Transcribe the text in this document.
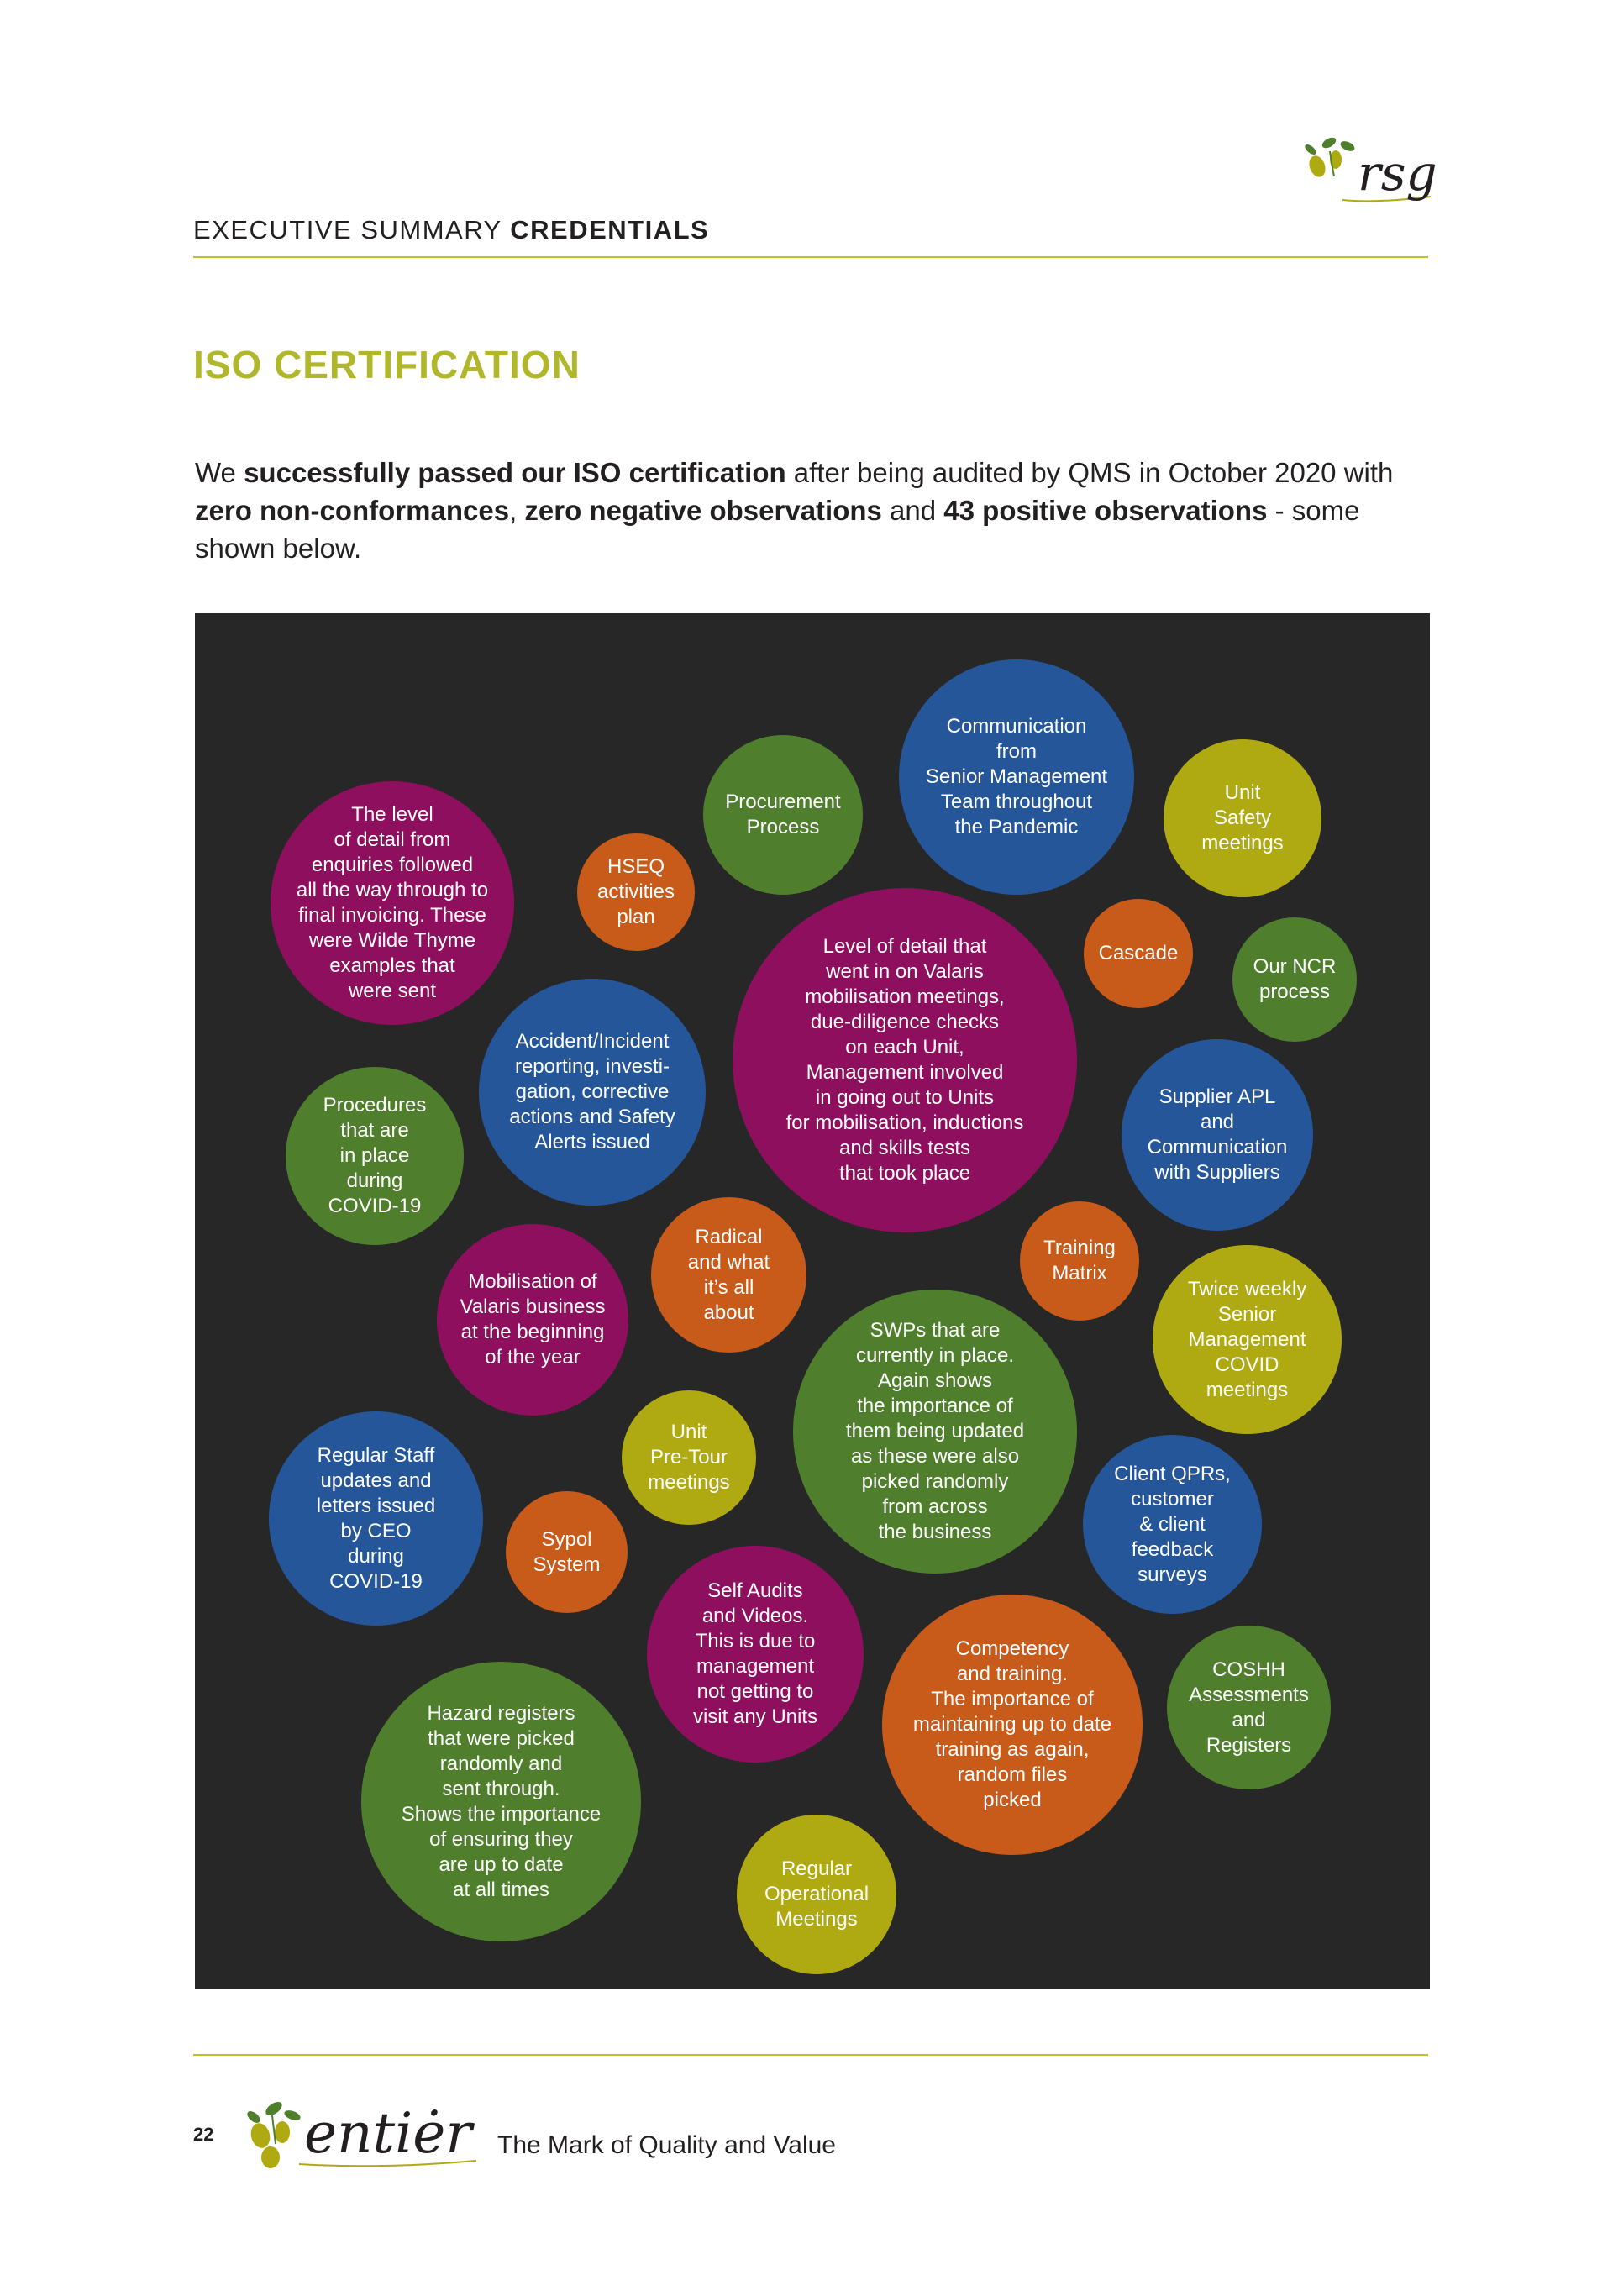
rsg
EXECUTIVE SUMMARY CREDENTIALS
ISO CERTIFICATION
We successfully passed our ISO certification after being audited by QMS in October 2020 with zero non-conformances, zero negative observations and 43 positive observations - some shown below.
Communication
from
Senior Management
Team throughout
the Pandemic
Procurement
Process
Unit
Safety
meetings
The level
of detail from
enquiries followed
all the way through to
final invoicing. These
were Wilde Thyme
examples that
were sent
HSEQ
activities
plan
Level of detail that
went in on Valaris
mobilisation meetings,
due-diligence checks
on each Unit,
Management involved
in going out to Units
for mobilisation, inductions
and skills tests
that took place
Cascade
Our NCR
process
Accident/Incident
reporting, investi-
gation, corrective
actions and Safety
Alerts issued
Supplier APL
and
Communication
with Suppliers
Procedures
that are
in place
during
COVID-19
Radical
and what
it’s all
about
Training
Matrix
Mobilisation of
Valaris business
at the beginning
of the year
Twice weekly
Senior
Management
COVID
meetings
SWPs that are
currently in place.
Again shows
the importance of
them being updated
as these were also
picked randomly
from across
the business
Unit
Pre-Tour
meetings
Regular Staff
updates and
letters issued
by CEO
during
COVID-19
Client QPRs,
customer
& client
feedback
surveys
Sypol
System
Self Audits
and Videos.
This is due to
management
not getting to
visit any Units
Competency
and training.
The importance of
maintaining up to date
training as again,
random files
picked
COSHH
Assessments
and
Registers
Hazard registers
that were picked
randomly and
sent through.
Shows the importance
of ensuring they
are up to date
at all times
Regular
Operational
Meetings
22 entiėr The Mark of Quality and Value
